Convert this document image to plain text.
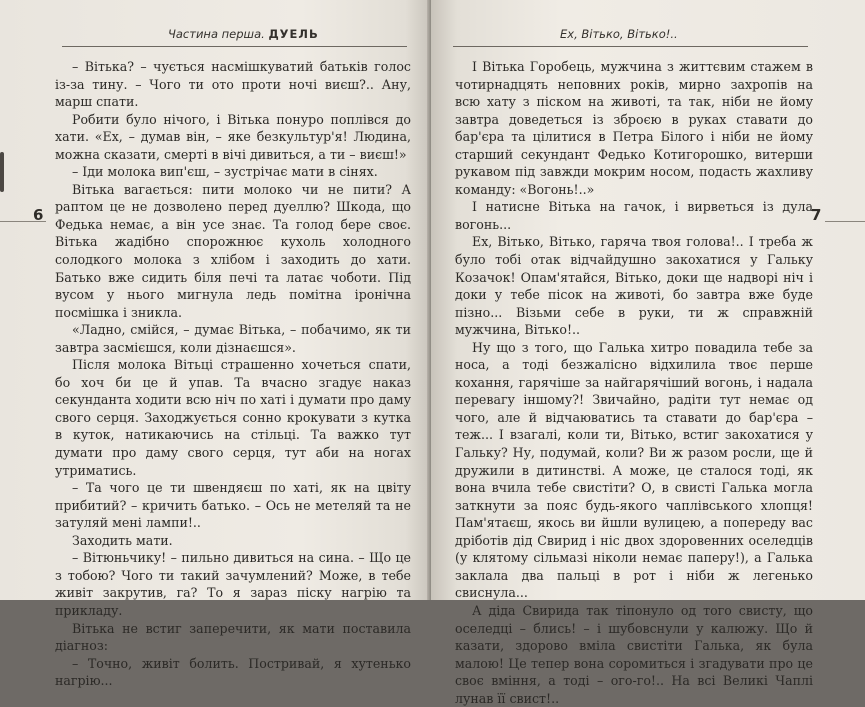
Частина перша. ДУЕЛЬ
6

– Вітька? – чується насмішкуватий батьків голос із-за тину. – Чого ти ото проти ночі виєш?.. Ану, марш спати.

Робити було нічого, і Вітька понуро поплівся до хати. «Ех, – думав він, – яке безкультур'я! Людина, можна сказати, смерті в вічі дивиться, а ти – виєш!»

– Іди молока вип'єш, – зустрічає мати в сінях.

Вітька вагається: пити молоко чи не пити? А раптом це не дозволено перед дуеллю? Шкода, що Федька немає, а він усе знає. Та голод бере своє. Вітька жадібно спорожнює кухоль холодного солодкого молока з хлібом і заходить до хати. Батько вже сидить біля печі та латає чоботи. Під вусом у нього мигнула ледь помітна іронічна посмішка і зникла.

«Ладно, смійся, – думає Вітька, – побачимо, як ти завтра засмієшся, коли дізнаєшся».

Після молока Вітьці страшенно хочеться спати, бо хоч би це й упав. Та вчасно згадує наказ секунданта ходити всю ніч по хаті і думати про даму свого серця. Заходжується сонно крокувати з кутка в куток, натикаючись на стільці. Та важко тут думати про даму свого серця, тут аби на ногах утриматись.

– Та чого це ти швендяєш по хаті, як на цвіту прибитий? – кричить батько. – Ось не метеляй та не затуляй мені лампи!..

Заходить мати.

– Вітюньчику! – пильно дивиться на сина. – Що це з тобою? Чого ти такий зачумлений? Може, в тебе живіт закрутив, га? То я зараз піску нагрію та прикладу.

Вітька не встиг заперечити, як мати поставила діагноз:

– Точно, живіт болить. Постривай, я хутенько нагрію...

Ех, Вітько, Вітько!..
7

І Вітька Горобець, мужчина з життєвим стажем в чотирнадцять неповних років, мирно захропів на всю хату з піском на животі, та так, ніби не йому завтра доведеться із зброєю в руках ставати до бар'єра та цілитися в Петра Білого і ніби не йому старший секундант Федько Котигорошко, витерши рукавом під завжди мокрим носом, подасть жахливу команду: «Вогонь!..»

І натисне Вітька на гачок, і вирветься із дула вогонь...

Ех, Вітько, Вітько, гаряча твоя голова!.. І треба ж було тобі отак відчайдушно закохатися у Гальку Козачок! Опам'ятайся, Вітько, доки ще надворі ніч і доки у тебе пісок на животі, бо завтра вже буде пізно... Візьми себе в руки, ти ж справжній мужчина, Вітько!..

Ну що з того, що Галька хитро повадила тебе за носа, а тоді безжалісно відхилила твоє перше кохання, гарячіше за найгарячіший вогонь, і надала перевагу іншому?! Звичайно, радіти тут немає од чого, але й відчаюватись та ставати до бар'єра – теж... І взагалі, коли ти, Вітько, встиг закохатися у Гальку? Ну, подумай, коли? Ви ж разом росли, ще й дружили в дитинстві. А може, це сталося тоді, як вона вчила тебе свистіти? О, в свисті Галька могла заткнути за пояс будь-якого чаплівського хлопця! Пам'ятаєш, якось ви йшли вулицею, а попереду вас дріботів дід Свирид і ніс двох здоровенних оселедців (у клятому сільмазі ніколи немає паперу!), а Галька заклала два пальці в рот і ніби ж легенько свиснула...

А діда Свирида так тіпонуло од того свисту, що оселедці – блись! – і шубовснули у калюжу. Що й казати, здорово вміла свистіти Галька, як була малою! Це тепер вона соромиться і згадувати про це своє вміння, а тоді – ого-го!.. На всі Великі Чаплі лунав її свист!..
